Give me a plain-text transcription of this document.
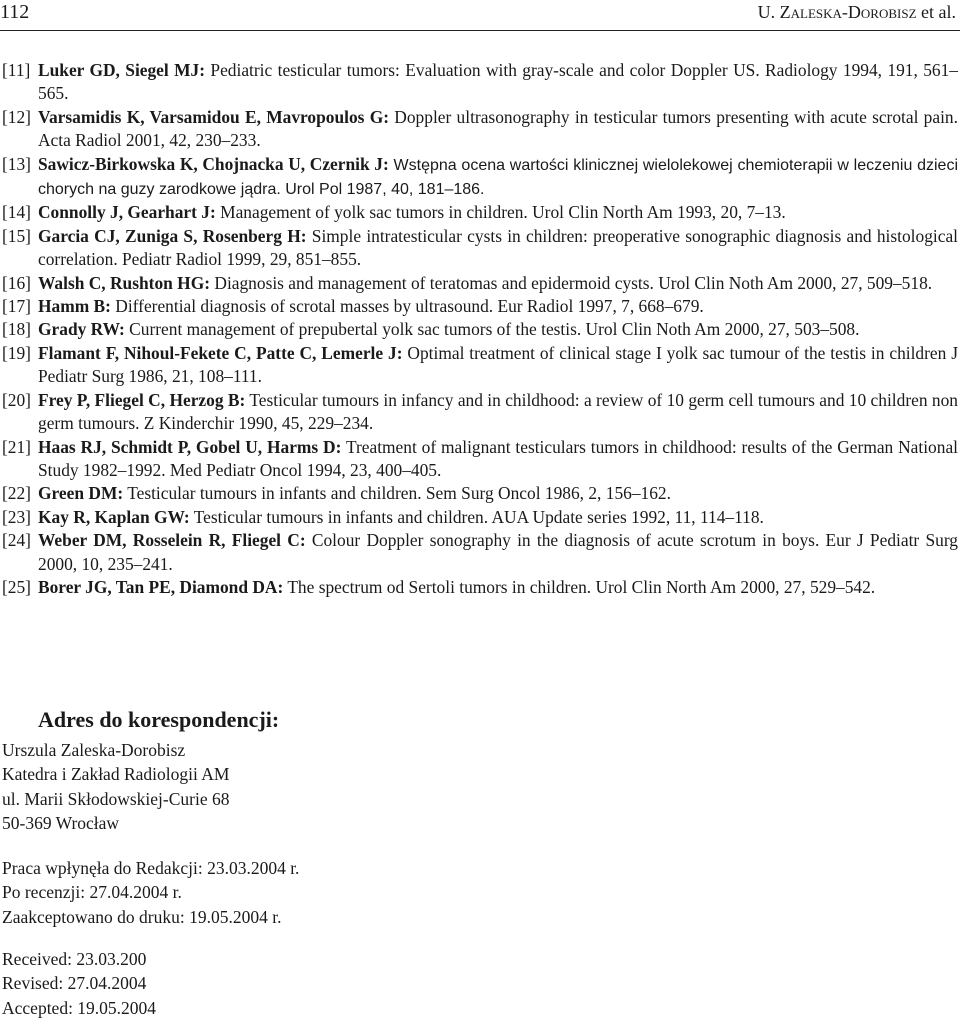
112	U. Zaleska-Dorobisz et al.
[11] Luker GD, Siegel MJ: Pediatric testicular tumors: Evaluation with gray-scale and color Doppler US. Radiology 1994, 191, 561–565.
[12] Varsamidis K, Varsamidou E, Mavropoulos G: Doppler ultrasonography in testicular tumors presenting with acute scrotal pain. Acta Radiol 2001, 42, 230–233.
[13] Sawicz-Birkowska K, Chojnacka U, Czernik J: Wstępna ocena wartości klinicznej wielolekowej chemioterapii w leczeniu dzieci chorych na guzy zarodkowe jądra. Urol Pol 1987, 40, 181–186.
[14] Connolly J, Gearhart J: Management of yolk sac tumors in children. Urol Clin North Am 1993, 20, 7–13.
[15] Garcia CJ, Zuniga S, Rosenberg H: Simple intratesticular cysts in children: preoperative sonographic diagnosis and histological correlation. Pediatr Radiol 1999, 29, 851–855.
[16] Walsh C, Rushton HG: Diagnosis and management of teratomas and epidermoid cysts. Urol Clin Noth Am 2000, 27, 509–518.
[17] Hamm B: Differential diagnosis of scrotal masses by ultrasound. Eur Radiol 1997, 7, 668–679.
[18] Grady RW: Current management of prepubertal yolk sac tumors of the testis. Urol Clin Noth Am 2000, 27, 503–508.
[19] Flamant F, Nihoul-Fekete C, Patte C, Lemerle J: Optimal treatment of clinical stage I yolk sac tumour of the testis in children J Pediatr Surg 1986, 21, 108–111.
[20] Frey P, Fliegel C, Herzog B: Testicular tumours in infancy and in childhood: a review of 10 germ cell tumours and 10 children non germ tumours. Z Kinderchir 1990, 45, 229–234.
[21] Haas RJ, Schmidt P, Gobel U, Harms D: Treatment of malignant testiculars tumors in childhood: results of the German National Study 1982–1992. Med Pediatr Oncol 1994, 23, 400–405.
[22] Green DM: Testicular tumours in infants and children. Sem Surg Oncol 1986, 2, 156–162.
[23] Kay R, Kaplan GW: Testicular tumours in infants and children. AUA Update series 1992, 11, 114–118.
[24] Weber DM, Rosselein R, Fliegel C: Colour Doppler sonography in the diagnosis of acute scrotum in boys. Eur J Pediatr Surg 2000, 10, 235–241.
[25] Borer JG, Tan PE, Diamond DA: The spectrum od Sertoli tumors in children. Urol Clin North Am 2000, 27, 529–542.
Adres do korespondencji:
Urszula Zaleska-Dorobisz
Katedra i Zakład Radiologii AM
ul. Marii Skłodowskiej-Curie 68
50-369 Wrocław
Praca wpłynęła do Redakcji: 23.03.2004 r.
Po recenzji: 27.04.2004 r.
Zaakceptowano do druku: 19.05.2004 r.
Received: 23.03.200
Revised: 27.04.2004
Accepted: 19.05.2004
